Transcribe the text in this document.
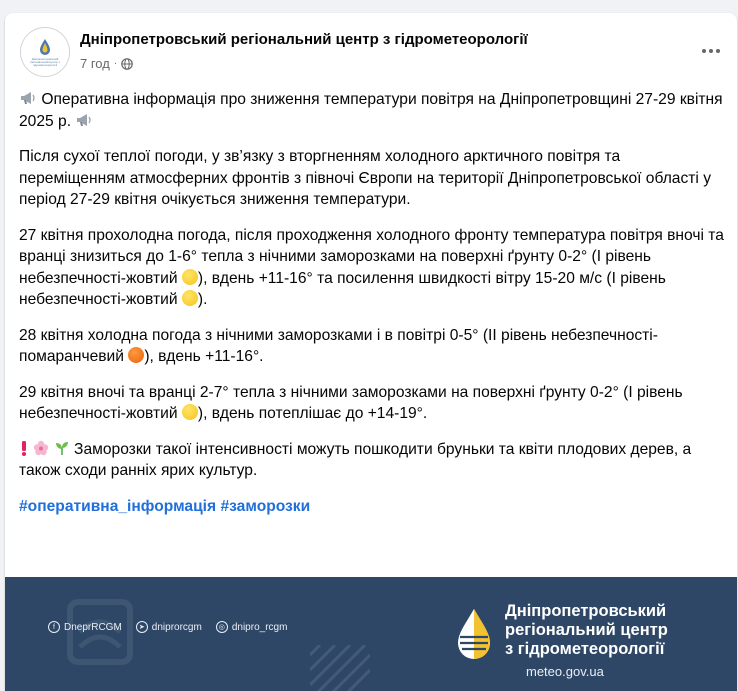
Дніпропетровський регіональний центр з гідрометеорології
Дніпропетровський регіональний центр з гідрометеорології
7 год ·

Оперативна інформація про зниження температури повітря на Дніпропетровщині 27-29 квітня 2025 р.

Після сухої теплої погоди, у зв’язку з вторгненням холодного арктичного повітря та переміщенням атмосферних фронтів з півночі Європи на території Дніпропетровської області у період 27-29 квітня очікується зниження температури.

27 квітня прохолодна погода, після проходження холодного фронту температура повітря вночі та вранці знизиться до 1-6° тепла з нічними заморозками на поверхні ґрунту 0-2° (I рівень небезпечності-жовтий ), вдень +11-16° та посилення швидкості вітру 15-20 м/с (I рівень небезпечності-жовтий ).

28 квітня холодна погода з нічними заморозками і в повітрі 0-5° (II рівень небезпечності-помаранчевий ), вдень +11-16°.

29 квітня вночі та вранці 2-7° тепла з нічними заморозками на поверхні ґрунту 0-2° (I рівень небезпечності-жовтий ), вдень потеплішає до +14-19°.

Заморозки такої інтенсивності можуть пошкодити бруньки та квіти плодових дерев, а також сходи ранніх ярих культур.

#оперативна_інформація #заморозки

f DneprRCGM	➤ dniprorcgm	◎ dnipro_rcgm
Дніпропетровський
регіональний центр
з гідрометеорології
meteo.gov.ua
